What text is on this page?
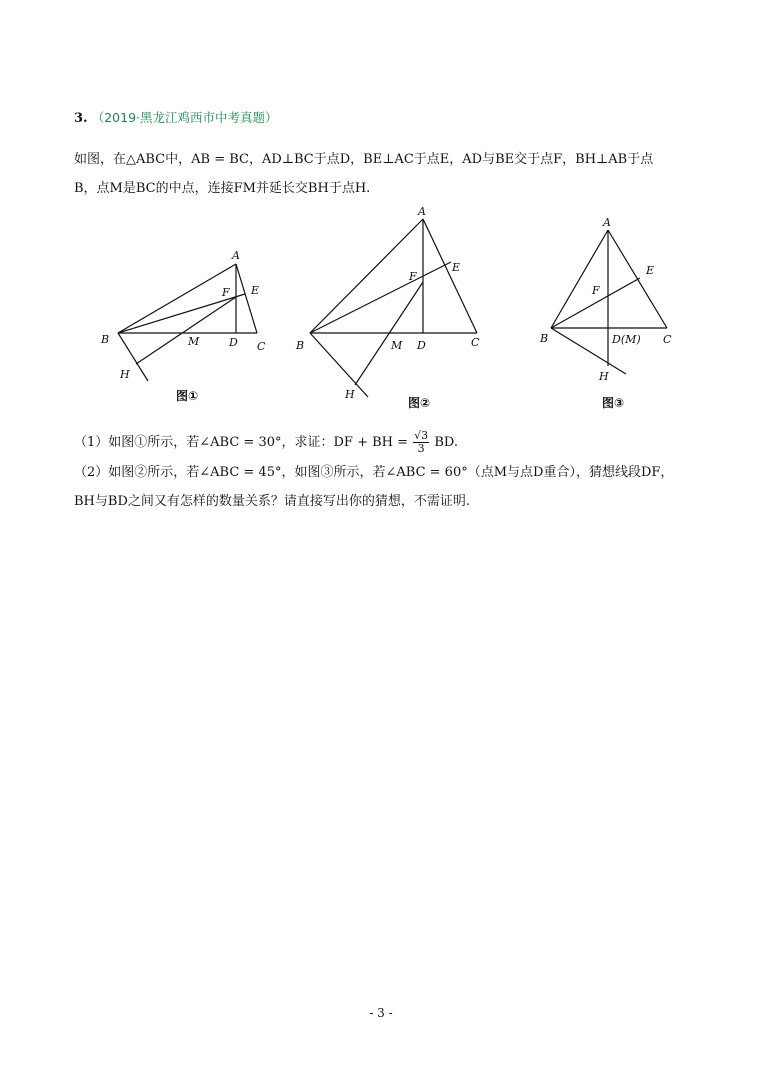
3. （2019·黑龙江鸡西市中考真题）
如图，在△ABC中，AB = BC，AD⊥BC于点D，BE⊥AC于点E，AD与BE交于点F，BH⊥AB于点
B，点M是BC的中点，连接FM并延长交BH于点H.
A
F E
B	M	D C
H
图①
A
F
E
B	M D	C
H
图②
A
F
E
B	D(M) C
H
图③
（1）如图①所示，若∠ABC = 30°，求证：DF + BH = $\frac{√3}{3}$ BD.
（2）如图②所示，若∠ABC = 45°，如图③所示，若∠ABC = 60°（点M与点D重合），猜想线段DF，
BH与BD之间又有怎样的数量关系？请直接写出你的猜想，不需证明.
- 3 -
